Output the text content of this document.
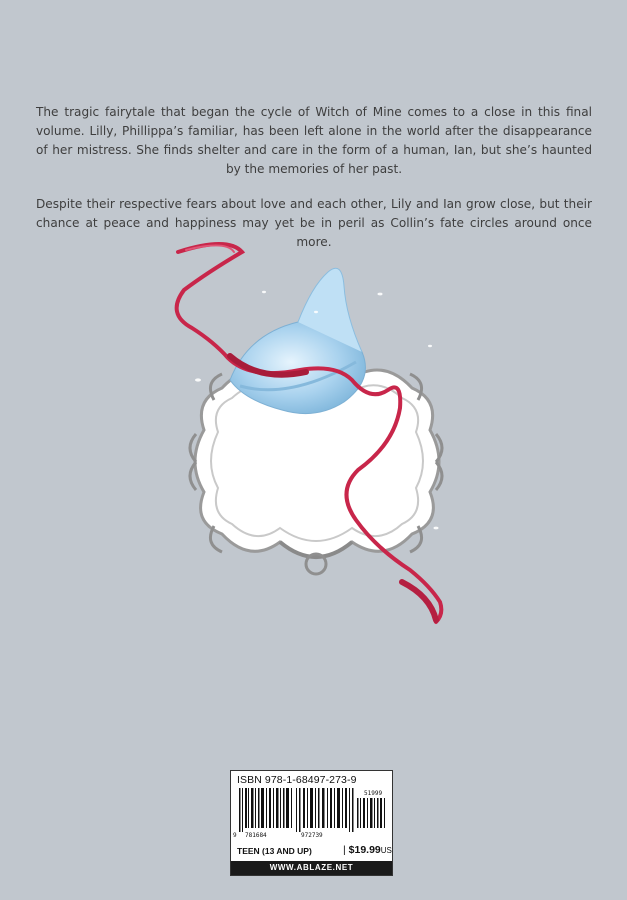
The tragic fairytale that began the cycle of Witch of Mine comes to a close in this final volume. Lilly, Phillippa’s familiar, has been left alone in the world after the disappearance of her mistress. She finds shelter and care in the form of a human, Ian, but she’s haunted by the memories of her past.

Despite their respective fears about love and each other, Lily and Ian grow close, but their chance at peace and happiness may yet be in peril as Collin’s fate circles around once more.

ISBN 978-1-68497-273-9
51999
9 781684	972739
TEEN (13 AND UP)	| $19.99US
WWW.ABLAZE.NET
